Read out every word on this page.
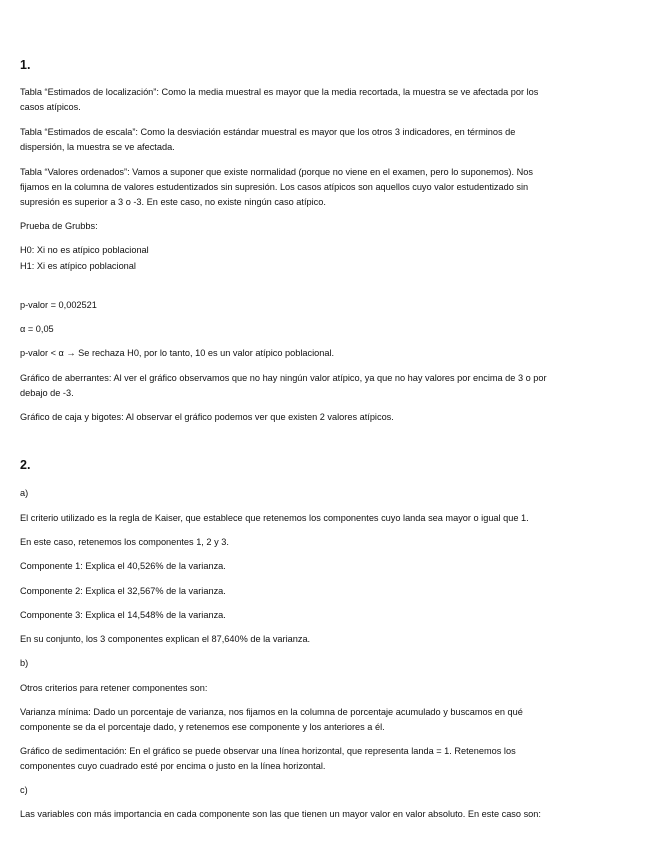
1.
Tabla “Estimados de localización”: Como la media muestral es mayor que la media recortada, la muestra se ve afectada por los
casos atípicos.
Tabla “Estimados de escala”: Como la desviación estándar muestral es mayor que los otros 3 indicadores, en términos de
dispersión, la muestra se ve afectada.
Tabla “Valores ordenados”: Vamos a suponer que existe normalidad (porque no viene en el examen, pero lo suponemos). Nos
fijamos en la columna de valores estudentizados sin supresión. Los casos atípicos son aquellos cuyo valor estudentizado sin
supresión es superior a 3 o -3. En este caso, no existe ningún caso atípico.
Prueba de Grubbs:
H0: Xi no es atípico poblacional
H1: Xi es atípico poblacional
p-valor = 0,002521
α = 0,05
p-valor < α → Se rechaza H0, por lo tanto, 10 es un valor atípico poblacional.
Gráfico de aberrantes: Al ver el gráfico observamos que no hay ningún valor atípico, ya que no hay valores por encima de 3 o por
debajo de -3.
Gráfico de caja y bigotes: Al observar el gráfico podemos ver que existen 2 valores atípicos.
2.
a)
El criterio utilizado es la regla de Kaiser, que establece que retenemos los componentes cuyo landa sea mayor o igual que 1.
En este caso, retenemos los componentes 1, 2 y 3.
Componente 1: Explica el 40,526% de la varianza.
Componente 2: Explica el 32,567% de la varianza.
Componente 3: Explica el 14,548% de la varianza.
En su conjunto, los 3 componentes explican el 87,640% de la varianza.
b)
Otros criterios para retener componentes son:
Varianza mínima: Dado un porcentaje de varianza, nos fijamos en la columna de porcentaje acumulado y buscamos en qué
componente se da el porcentaje dado, y retenemos ese componente y los anteriores a él.
Gráfico de sedimentación: En el gráfico se puede observar una línea horizontal, que representa landa = 1. Retenemos los
componentes cuyo cuadrado esté por encima o justo en la línea horizontal.
c)
Las variables con más importancia en cada componente son las que tienen un mayor valor en valor absoluto. En este caso son:
